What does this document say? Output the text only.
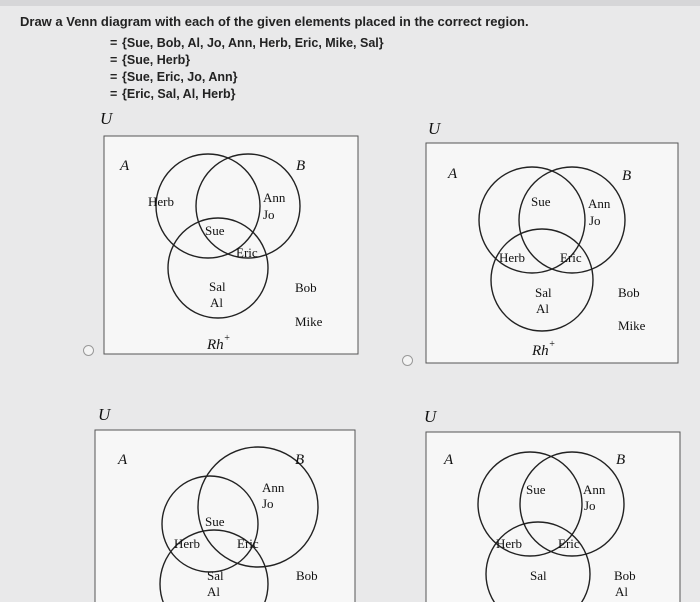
Draw a Venn diagram with each of the given elements placed in the correct region.
= {Sue, Bob, Al, Jo, Ann, Herb, Eric, Mike, Sal}
= {Sue, Herb}
= {Sue, Eric, Jo, Ann}
= {Eric, Sal, Al, Herb}
U
A	B
Herb	Ann
Jo
Sue
Eric
Sal
Al
Bob
Mike
Rh+
U
A	B
Sue	Ann
Jo
Herb	Eric
Sal
Al
Bob
Mike
Rh+
U
A	B
Ann
Jo
Sue
Herb	Eric
Sal
Al
Bob
U
A	B
Sue	Ann
Jo
Herb	Eric
Sal	Bob
Al
